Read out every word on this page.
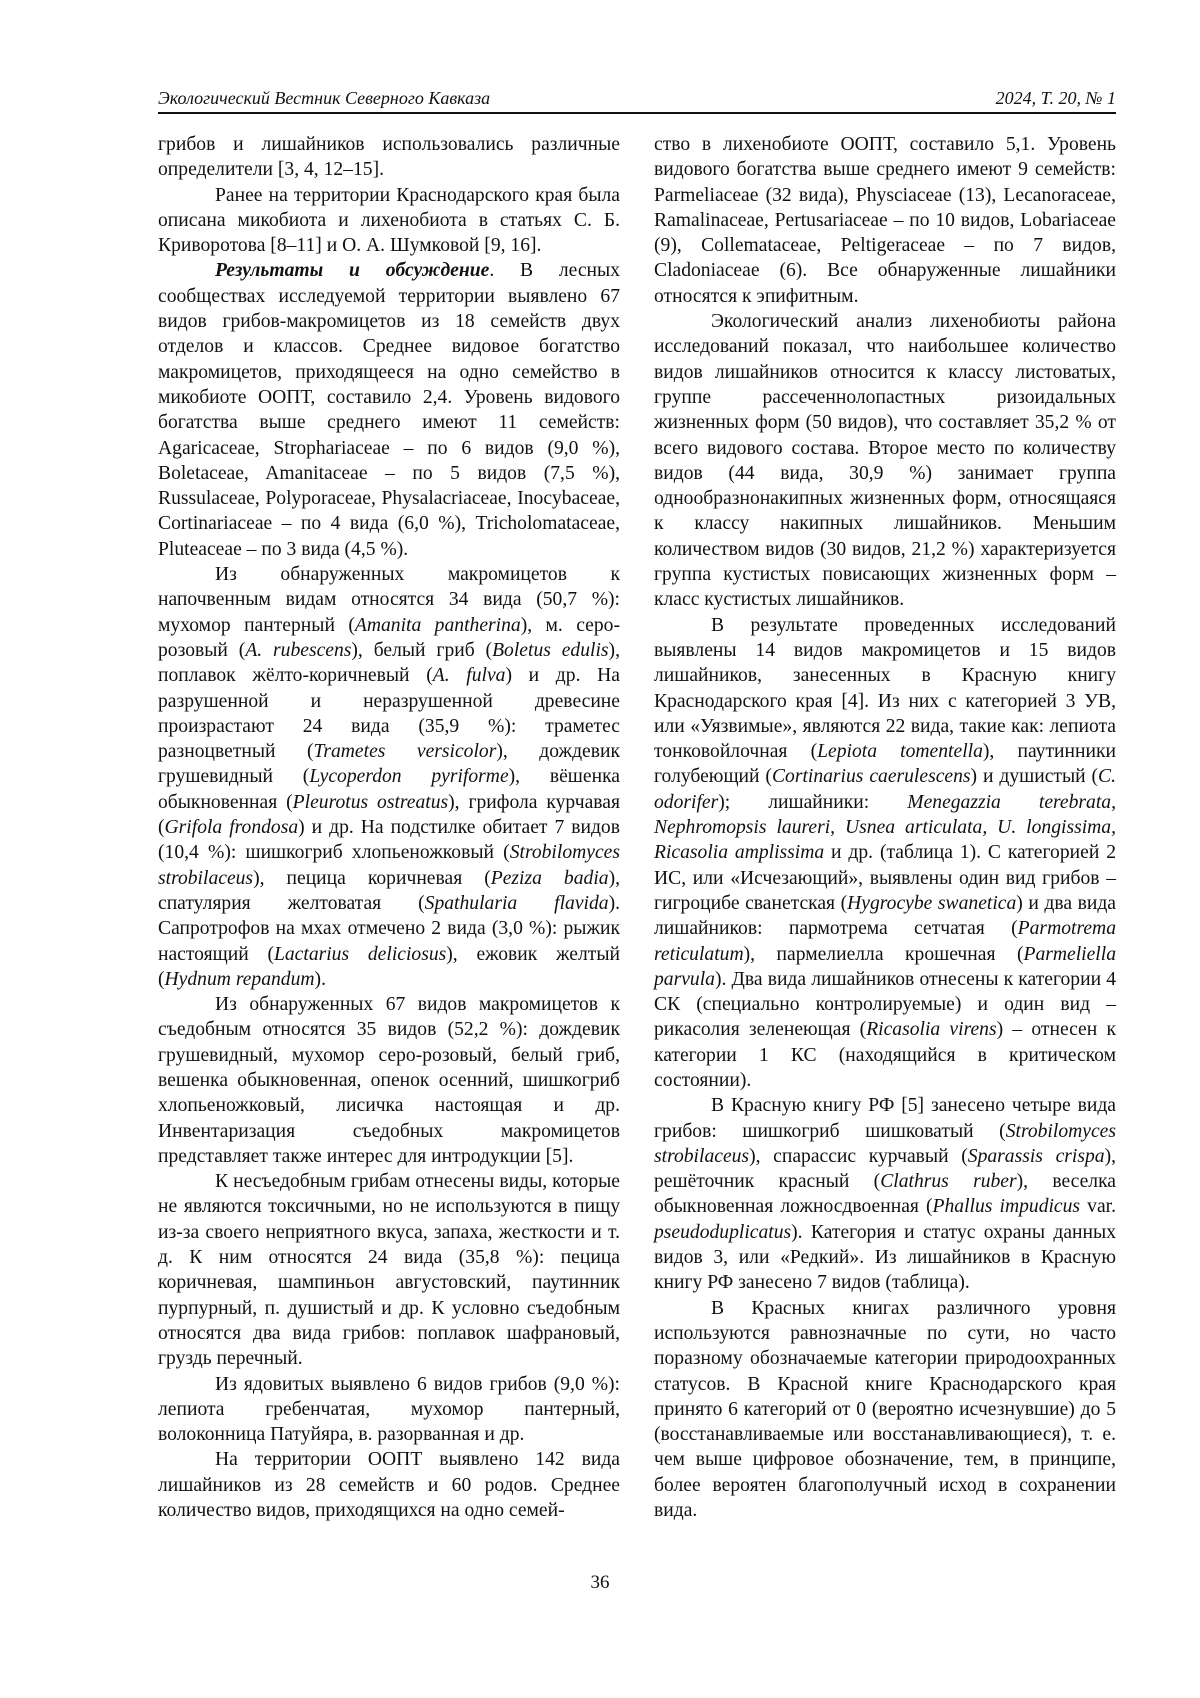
Экологический Вестник Северного Кавказа	2024, Т. 20, № 1

грибов и лишайников использовались различные определители [3, 4, 12–15].

Ранее на территории Краснодарского края была описана микобиота и лихенобиота в статьях С. Б. Криворотова [8–11] и О. А. Шумковой [9, 16].

Результаты и обсуждение. В лесных сообществах исследуемой территории выявлено 67 видов грибов-макромицетов из 18 семейств двух отделов и классов. Среднее видовое богатство макромицетов, приходящееся на одно семейство в микобиоте ООПТ, составило 2,4. Уровень видового богатства выше среднего имеют 11 семейств: Agaricaceae, Strophariaceae – по 6 видов (9,0 %), Boletaceae, Amanitaceae – по 5 видов (7,5 %), Russulaceae, Polyporaceae, Physalacriaceae, Inocybaceae, Cortinariaceae – по 4 вида (6,0 %), Tricholomataceae, Pluteaceae – по 3 вида (4,5 %).

Из обнаруженных макромицетов к напочвенным видам относятся 34 вида (50,7 %): мухомор пантерный (Amanita pantherina), м. серо-розовый (A. rubescens), белый гриб (Boletus edulis), поплавок жёлто-коричневый (A. fulva) и др. На разрушенной и неразрушенной древесине произрастают 24 вида (35,9 %): траметес разноцветный (Trametes versicolor), дождевик грушевидный (Lycoperdon pyriforme), вёшенка обыкновенная (Pleurotus ostreatus), грифола курчавая (Grifola frondosa) и др. На подстилке обитает 7 видов (10,4 %): шишкогриб хлопьеножковый (Strobilomyces strobilaceus), пецица коричневая (Peziza badia), спатулярия желтоватая (Spathularia flavida). Сапротрофов на мхах отмечено 2 вида (3,0 %): рыжик настоящий (Lactarius deliciosus), ежовик желтый (Hydnum repandum).

Из обнаруженных 67 видов макромицетов к съедобным относятся 35 видов (52,2 %): дождевик грушевидный, мухомор серо-розовый, белый гриб, вешенка обыкновенная, опенок осенний, шишкогриб хлопьеножковый, лисичка настоящая и др. Инвентаризация съедобных макромицетов представляет также интерес для интродукции [5].

К несъедобным грибам отнесены виды, которые не являются токсичными, но не используются в пищу из-за своего неприятного вкуса, запаха, жесткости и т. д. К ним относятся 24 вида (35,8 %): пецица коричневая, шампиньон августовский, паутинник пурпурный, п. душистый и др. К условно съедобным относятся два вида грибов: поплавок шафрановый, груздь перечный.

Из ядовитых выявлено 6 видов грибов (9,0 %): лепиота гребенчатая, мухомор пантерный, волоконница Патуйяра, в. разорванная и др.

На территории ООПТ выявлено 142 вида лишайников из 28 семейств и 60 родов. Среднее количество видов, приходящихся на одно семей-

ство в лихенобиоте ООПТ, составило 5,1. Уровень видового богатства выше среднего имеют 9 семейств: Parmeliaceae (32 вида), Physciaceae (13), Lecanoraceae, Ramalinaceae, Pertusariaceae – по 10 видов, Lobariaceae (9), Collemataceae, Peltigeraceae – по 7 видов, Cladoniaceae (6). Все обнаруженные лишайники относятся к эпифитным.

Экологический анализ лихенобиоты района исследований показал, что наибольшее количество видов лишайников относится к классу листоватых, группе рассеченнолопастных ризоидальных жизненных форм (50 видов), что составляет 35,2 % от всего видового состава. Второе место по количеству видов (44 вида, 30,9 %) занимает группа однообразнонакипных жизненных форм, относящаяся к классу накипных лишайников. Меньшим количеством видов (30 видов, 21,2 %) характеризуется группа кустистых повисающих жизненных форм – класс кустистых лишайников.

В результате проведенных исследований выявлены 14 видов макромицетов и 15 видов лишайников, занесенных в Красную книгу Краснодарского края [4]. Из них с категорией 3 УВ, или «Уязвимые», являются 22 вида, такие как: лепиота тонковойлочная (Lepiota tomentella), паутинники голубеющий (Cortinarius caerulescens) и душистый (C. odorifer); лишайники: Menegazzia terebrata, Nephromopsis laureri, Usnea articulata, U. longissima, Ricasolia amplissima и др. (таблица 1). С категорией 2 ИС, или «Исчезающий», выявлены один вид грибов – гигроцибе сванетская (Hygrocybe swanetica) и два вида лишайников: пармотрема сетчатая (Parmotrema reticulatum), пармелиелла крошечная (Parmeliella parvula). Два вида лишайников отнесены к категории 4 СК (специально контролируемые) и один вид – рикасолия зеленеющая (Ricasolia virens) – отнесен к категории 1 КС (находящийся в критическом состоянии).

В Красную книгу РФ [5] занесено четыре вида грибов: шишкогриб шишковатый (Strobilomyces strobilaceus), спарассис курчавый (Sparassis crispa), решёточник красный (Clathrus ruber), веселка обыкновенная ложносдвоенная (Phallus impudicus var. pseudoduplicatus). Категория и статус охраны данных видов 3, или «Редкий». Из лишайников в Красную книгу РФ занесено 7 видов (таблица).

В Красных книгах различного уровня используются равнозначные по сути, но часто поразному обозначаемые категории природоохранных статусов. В Красной книге Краснодарского края принято 6 категорий от 0 (вероятно исчезнувшие) до 5 (восстанавливаемые или восстанавливающиеся), т. е. чем выше цифровое обозначение, тем, в принципе, более вероятен благополучный исход в сохранении вида.

36
